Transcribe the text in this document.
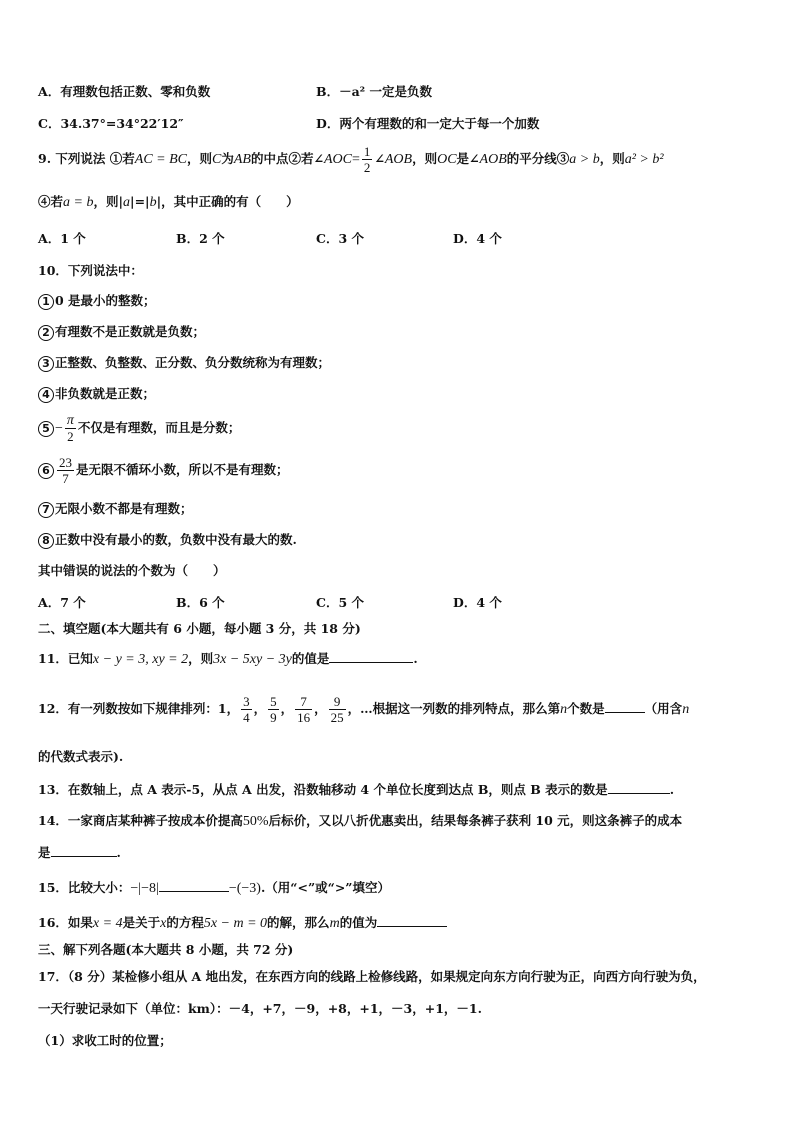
A．有理数包括正数、零和负数	B．－a² 一定是负数
C．34.37°=34°22′12″	D．两个有理数的和一定大于每一个加数
9. 下列说法 ①若AC = BC，则C为AB的中点②若∠AOC= $\frac{1}{2}$ ∠AOB，则OC是∠AOB的平分线③a > b，则a² > b²
④若a = b，则|a|=|b|，其中正确的有（　　）
A．1 个	B．2 个	C．3 个	D．4 个
10．下列说法中：
1 0 是最小的整数；
2 有理数不是正数就是负数；
3 正整数、负整数、正分数、负分数统称为有理数；
4 非负数就是正数；
$5 - \frac{\pi}{2}$ 不仅是有理数，而且是分数；
$6 \frac{23}{7}$ 是无限不循环小数，所以不是有理数；
7 无限小数不都是有理数；
8 正数中没有最小的数，负数中没有最大的数.
其中错误的说法的个数为（　　）
A．7 个	B．6 个	C．5 个	D．4 个
二、填空题(本大题共有 6 小题，每小题 3 分，共 18 分)
11．已知x − y = 3, xy = 2，则3x − 5xy − 3y的值是	.
12．有一列数按如下规律排列：1， $\frac{3}{4}$ ， $\frac{5}{9}$ ， $\frac{7}{16}$ ， $\frac{9}{25}$ ，…根据这一列数的排列特点，那么第n个数是	（用含n
的代数式表示).
13．在数轴上，点 A 表示-5，从点 A 出发，沿数轴移动 4 个单位长度到达点 B，则点 B 表示的数是	.
14．一家商店某种裤子按成本价提高50%后标价，又以八折优惠卖出，结果每条裤子获利 10 元，则这条裤子的成本
是	.
15．比较大小：−|−8|	−(−3).（用“<”或“>”填空）
16．如果x = 4是关于x的方程5x − m = 0的解，那么m的值为
三、解下列各题(本大题共 8 小题，共 72 分)
17．（8 分）某检修小组从 A 地出发，在东西方向的线路上检修线路，如果规定向东方向行驶为正，向西方向行驶为负，
一天行驶记录如下（单位：km）：－4，+7，－9，+8，+1，－3，+1，－1.
（1）求收工时的位置；
